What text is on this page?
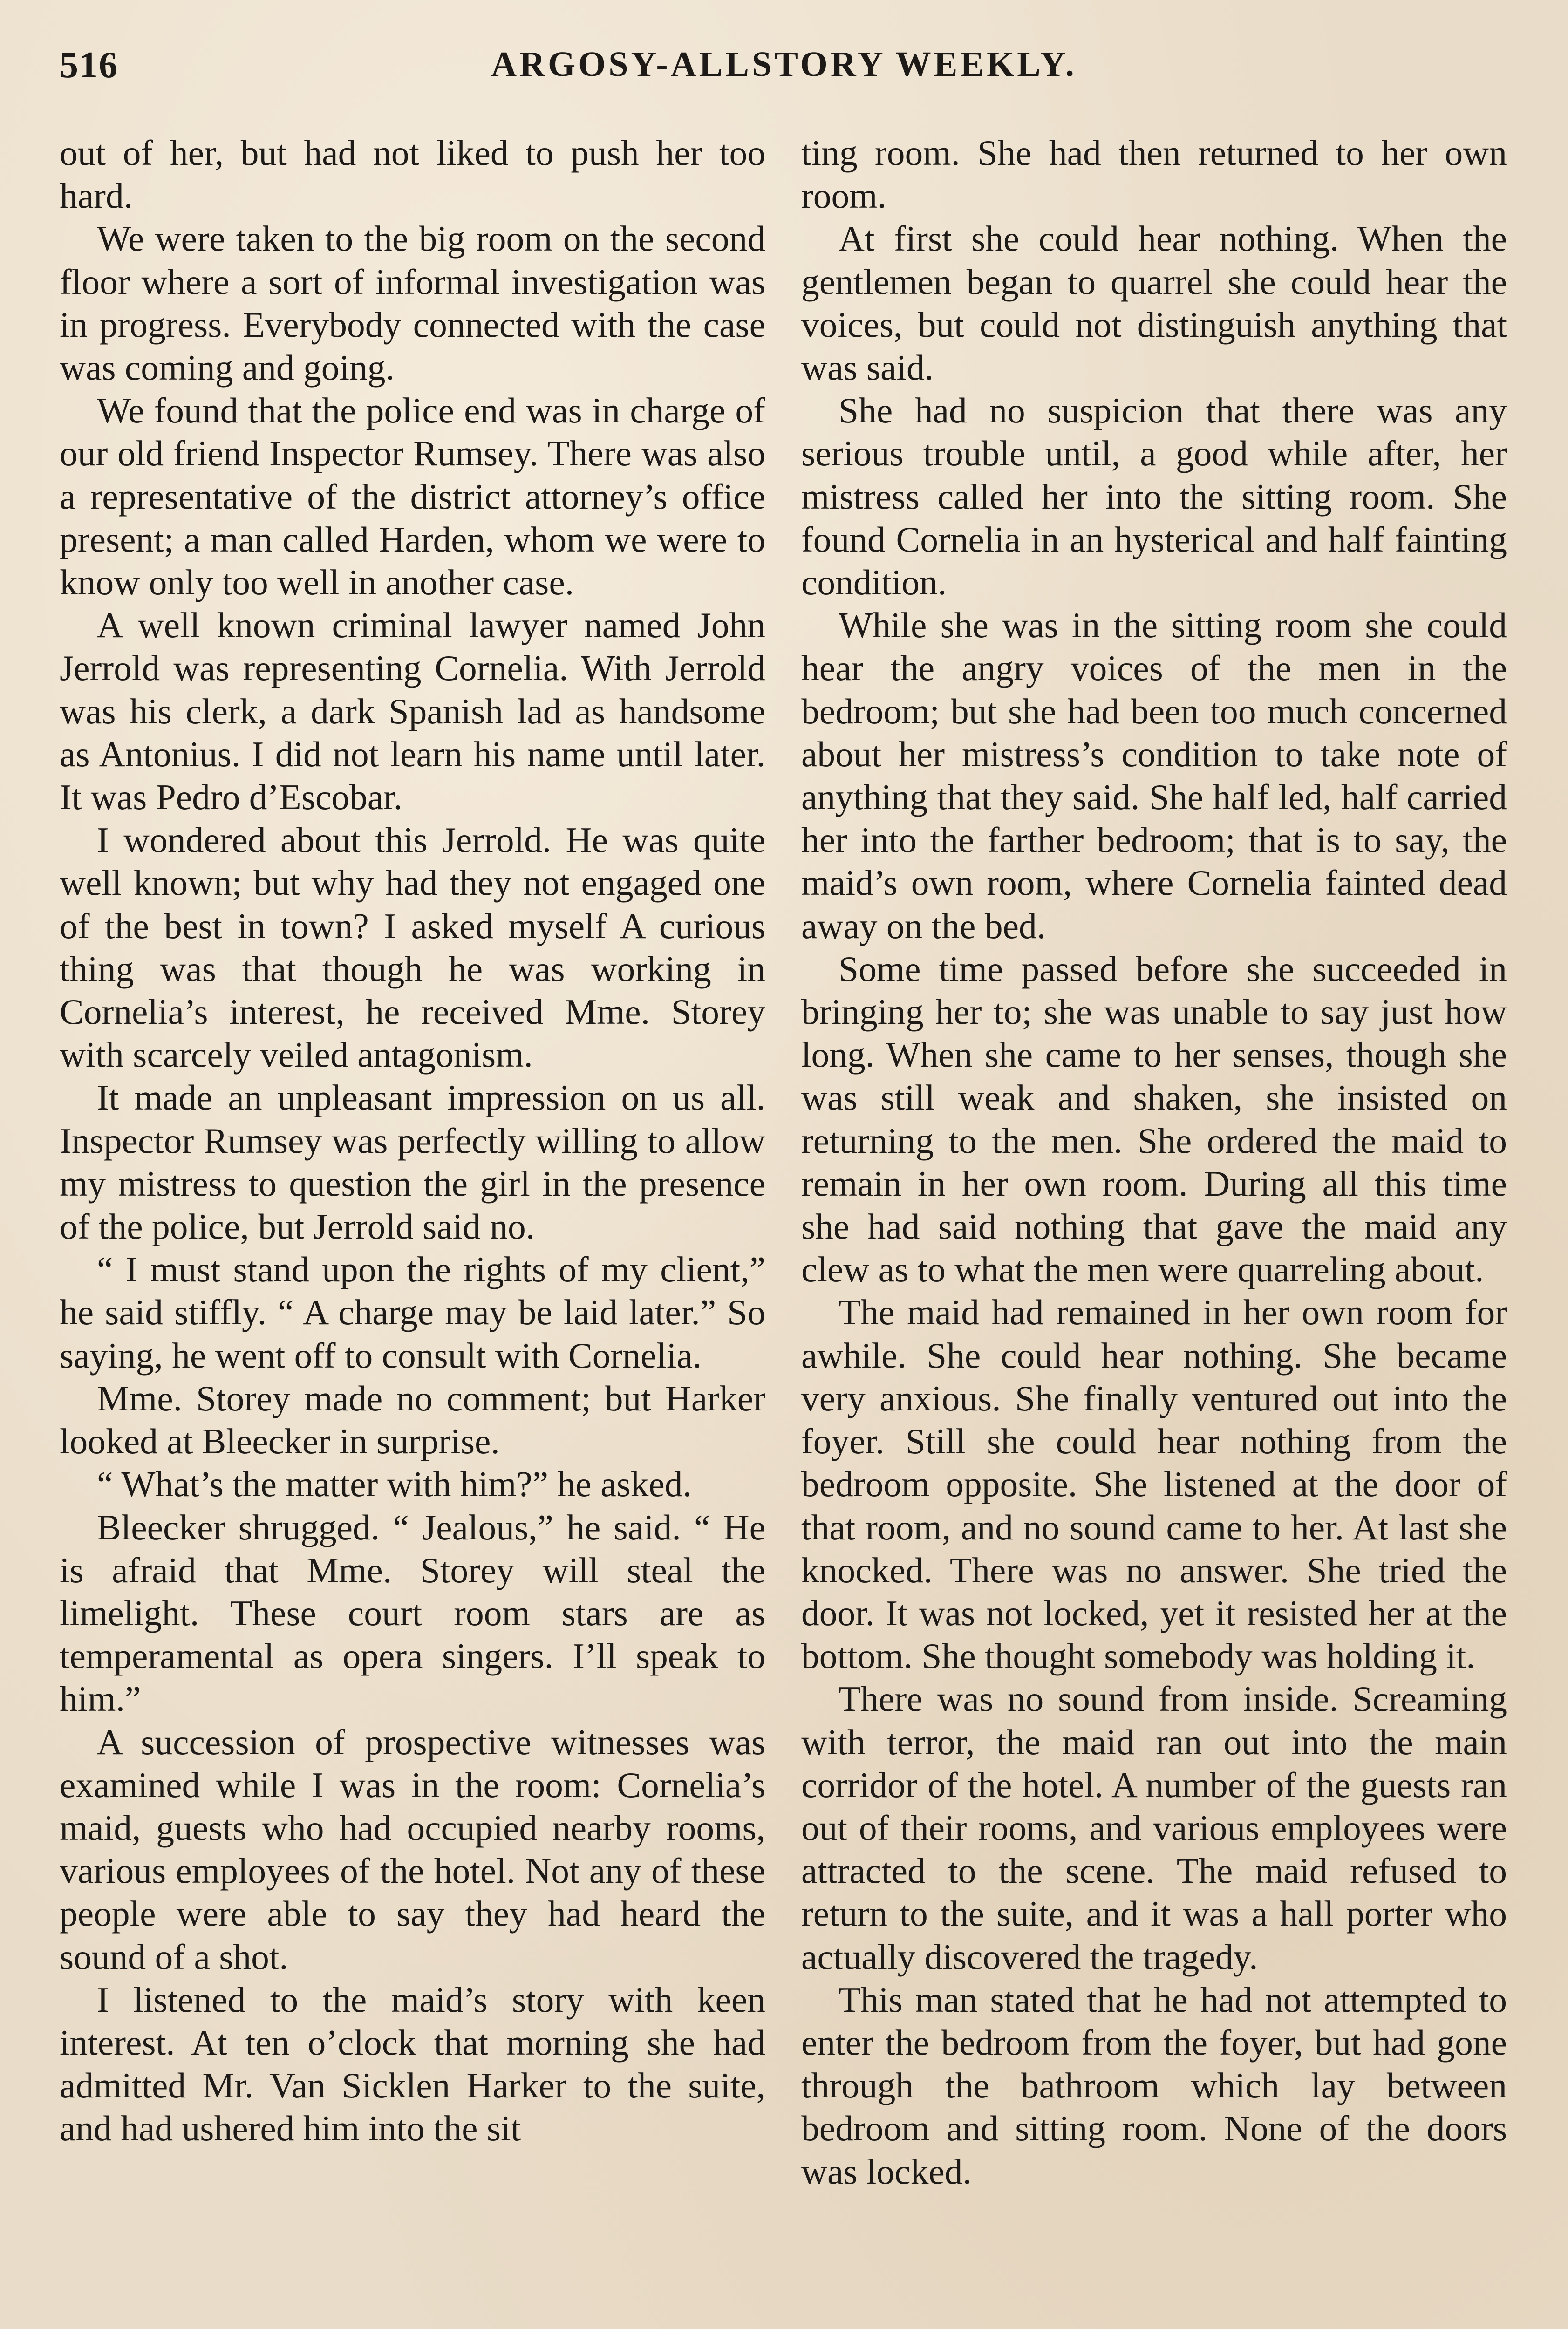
516	ARGOSY-ALLSTORY WEEKLY.

out of her, but had not liked to push her too hard.

We were taken to the big room on the second floor where a sort of informal investigation was in progress. Everybody connected with the case was coming and going.

We found that the police end was in charge of our old friend Inspector Rumsey. There was also a representative of the district attorney’s office present; a man called Harden, whom we were to know only too well in another case.

A well known criminal lawyer named John Jerrold was representing Cornelia. With Jerrold was his clerk, a dark Spanish lad as handsome as Antonius. I did not learn his name until later. It was Pedro d’Escobar.

I wondered about this Jerrold. He was quite well known; but why had they not engaged one of the best in town? I asked myself A curious thing was that though he was working in Cornelia’s interest, he received Mme. Storey with scarcely veiled antagonism.

It made an unpleasant impression on us all. Inspector Rumsey was perfectly willing to allow my mistress to question the girl in the presence of the police, but Jerrold said no.

“ I must stand upon the rights of my client,” he said stiffly. “ A charge may be laid later.” So saying, he went off to consult with Cornelia.

Mme. Storey made no comment; but Harker looked at Bleecker in surprise.

“ What’s the matter with him?” he asked.

Bleecker shrugged. “ Jealous,” he said. “ He is afraid that Mme. Storey will steal the limelight. These court room stars are as temperamental as opera singers. I’ll speak to him.”

A succession of prospective witnesses was examined while I was in the room: Cornelia’s maid, guests who had occupied nearby rooms, various employees of the hotel. Not any of these people were able to say they had heard the sound of a shot.

I listened to the maid’s story with keen interest. At ten o’clock that morning she had admitted Mr. Van Sicklen Harker to the suite, and had ushered him into the sit

ting room. She had then returned to her own room.

At first she could hear nothing. When the gentlemen began to quarrel she could hear the voices, but could not distinguish anything that was said.

She had no suspicion that there was any serious trouble until, a good while after, her mistress called her into the sitting room. She found Cornelia in an hysterical and half fainting condition.

While she was in the sitting room she could hear the angry voices of the men in the bedroom; but she had been too much concerned about her mistress’s condition to take note of anything that they said. She half led, half carried her into the farther bedroom; that is to say, the maid’s own room, where Cornelia fainted dead away on the bed.

Some time passed before she succeeded in bringing her to; she was unable to say just how long. When she came to her senses, though she was still weak and shaken, she insisted on returning to the men. She ordered the maid to remain in her own room. During all this time she had said nothing that gave the maid any clew as to what the men were quarreling about.

The maid had remained in her own room for awhile. She could hear nothing. She became very anxious. She finally ventured out into the foyer. Still she could hear nothing from the bedroom opposite. She listened at the door of that room, and no sound came to her. At last she knocked. There was no answer. She tried the door. It was not locked, yet it resisted her at the bottom. She thought somebody was holding it.

There was no sound from inside. Screaming with terror, the maid ran out into the main corridor of the hotel. A number of the guests ran out of their rooms, and various employees were attracted to the scene. The maid refused to return to the suite, and it was a hall porter who actually discovered the tragedy.

This man stated that he had not attempted to enter the bedroom from the foyer, but had gone through the bathroom which lay between bedroom and sitting room. None of the doors was locked.
